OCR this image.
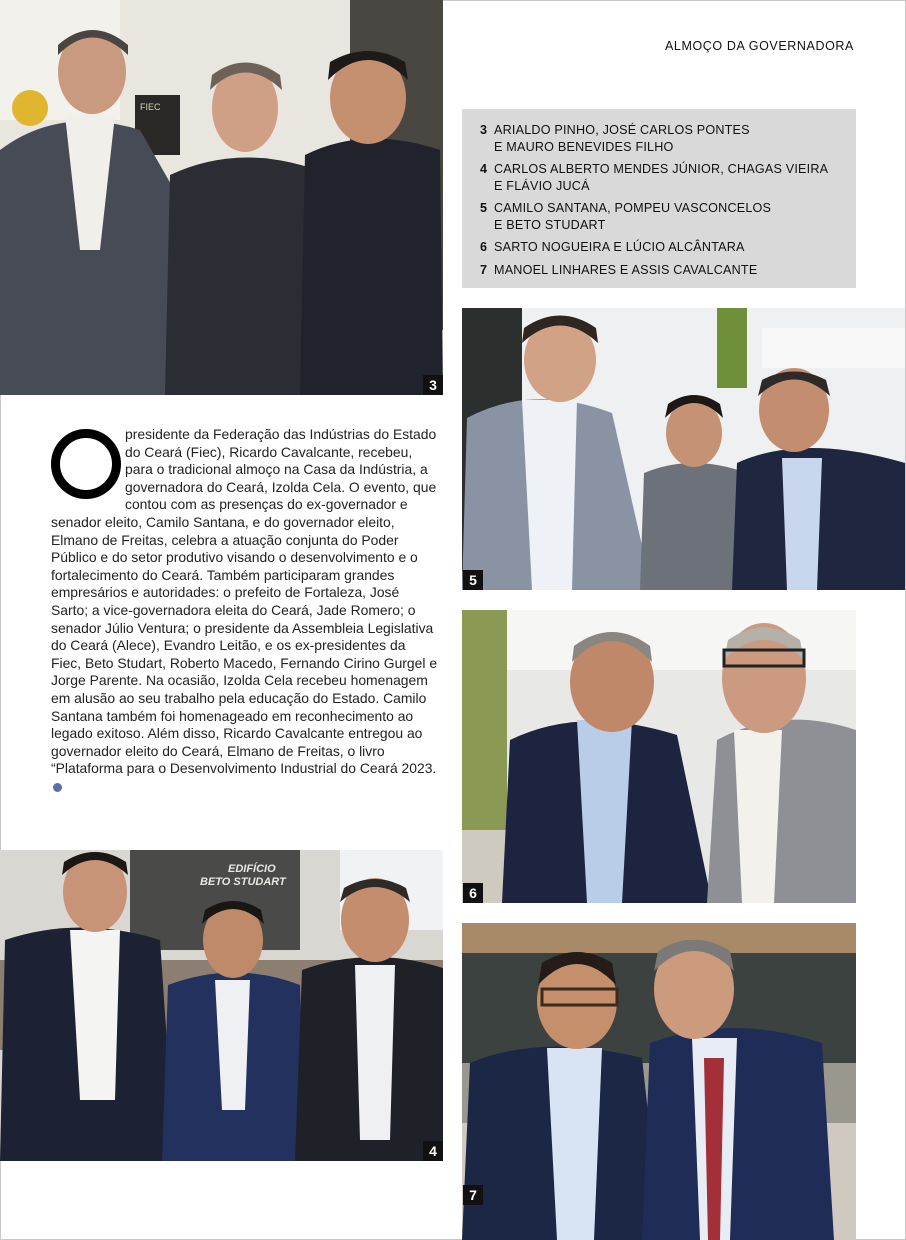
FIEC
3
ALMOÇO DA GOVERNADORA
3 ARIALDO PINHO, JOSÉ CARLOS PONTES
E MAURO BENEVIDES FILHO
4 CARLOS ALBERTO MENDES JÚNIOR, CHAGAS VIEIRA
E FLÁVIO JUCÁ
5 CAMILO SANTANA, POMPEU VASCONCELOS
E BETO STUDART
6 SARTO NOGUEIRA E LÚCIO ALCÂNTARA
7 MANOEL LINHARES E ASSIS CAVALCANTE
5
presidente da Federação das Indústrias do Estado do Ceará (Fiec), Ricardo Cavalcante, recebeu, para o tradicional almoço na Casa da Indústria, a governadora do Ceará, Izolda Cela. O evento, que contou com as presenças do ex-governador e senador eleito, Camilo Santana, e do governador eleito, Elmano de Freitas, celebra a atuação conjunta do Poder Público e do setor produtivo visando o desenvolvimento e o fortalecimento do Ceará. Também participaram grandes empresários e autoridades: o prefeito de Fortaleza, José Sarto; a vice-governadora eleita do Ceará, Jade Romero; o senador Júlio Ventura; o presidente da Assembleia Legislativa do Ceará (Alece), Evandro Leitão, e os ex-presidentes da Fiec, Beto Studart, Roberto Macedo, Fernando Cirino Gurgel e Jorge Parente. Na ocasião, Izolda Cela recebeu homenagem em alusão ao seu trabalho pela educação do Estado. Camilo Santana também foi homenageado em reconhecimento ao legado exitoso. Além disso, Ricardo Cavalcante entregou ao governador eleito do Ceará, Elmano de Freitas, o livro “Plataforma para o Desenvolvimento Industrial do Ceará 2023.
6
EDIFÍCIO BETO STUDART
4
7
